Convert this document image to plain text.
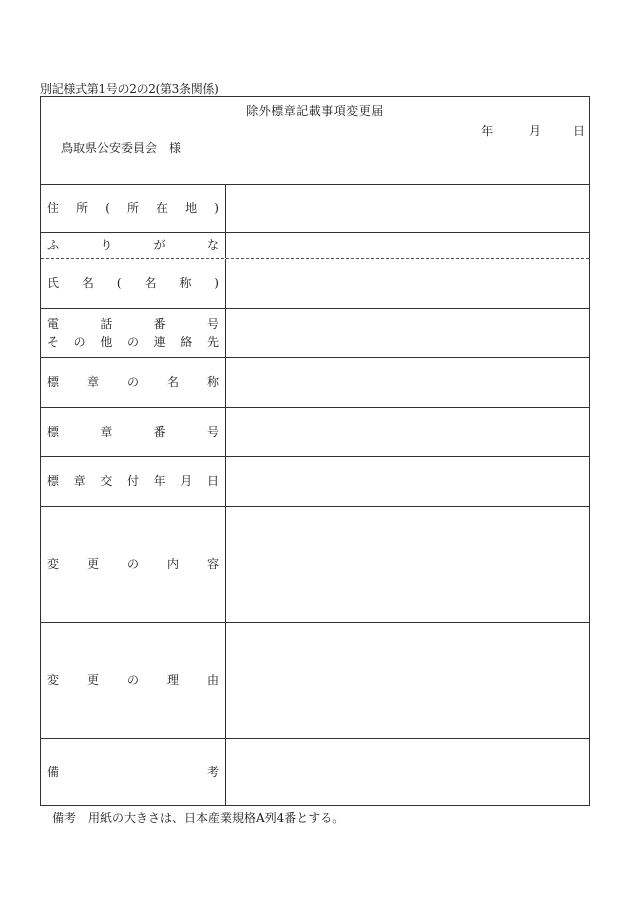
別記様式第1号の2の2(第3条関係)
除外標章記載事項変更届
年	月	日
鳥取県公安委員会　様
住 所 ( 所 在 地 )
ふ	り	が	な
氏 名 ( 名 称 )
電	話	番	号
そ の 他 の 連 絡 先
標 章 の 名 称
標	章	番	号
標 章 交 付 年 月 日
変 更 の 内 容
変 更 の 理 由
備	考
備考　用紙の大きさは、日本産業規格A列4番とする。
